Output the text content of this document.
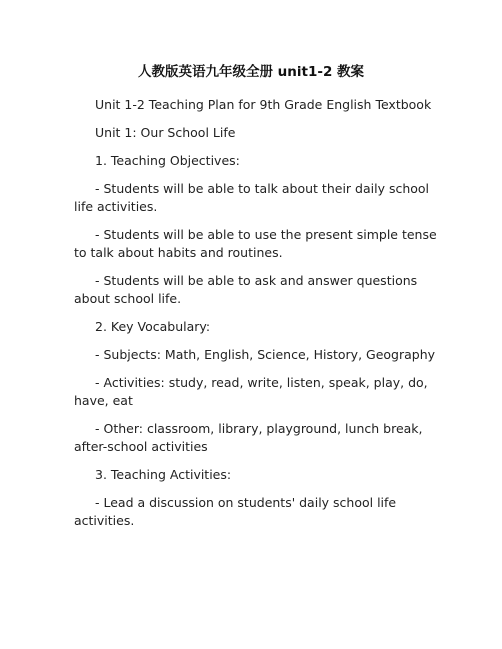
人教版英语九年级全册 unit1-2 教案

Unit 1-2 Teaching Plan for 9th Grade English Textbook

Unit 1: Our School Life

1. Teaching Objectives:

- Students will be able to talk about their daily school life activities.

- Students will be able to use the present simple tense to talk about habits and routines.

- Students will be able to ask and answer questions about school life.

2. Key Vocabulary:

- Subjects: Math, English, Science, History, Geography

- Activities: study, read, write, listen, speak, play, do, have, eat

- Other: classroom, library, playground, lunch break, after-school activities

3. Teaching Activities:

- Lead a discussion on students' daily school life activities.
